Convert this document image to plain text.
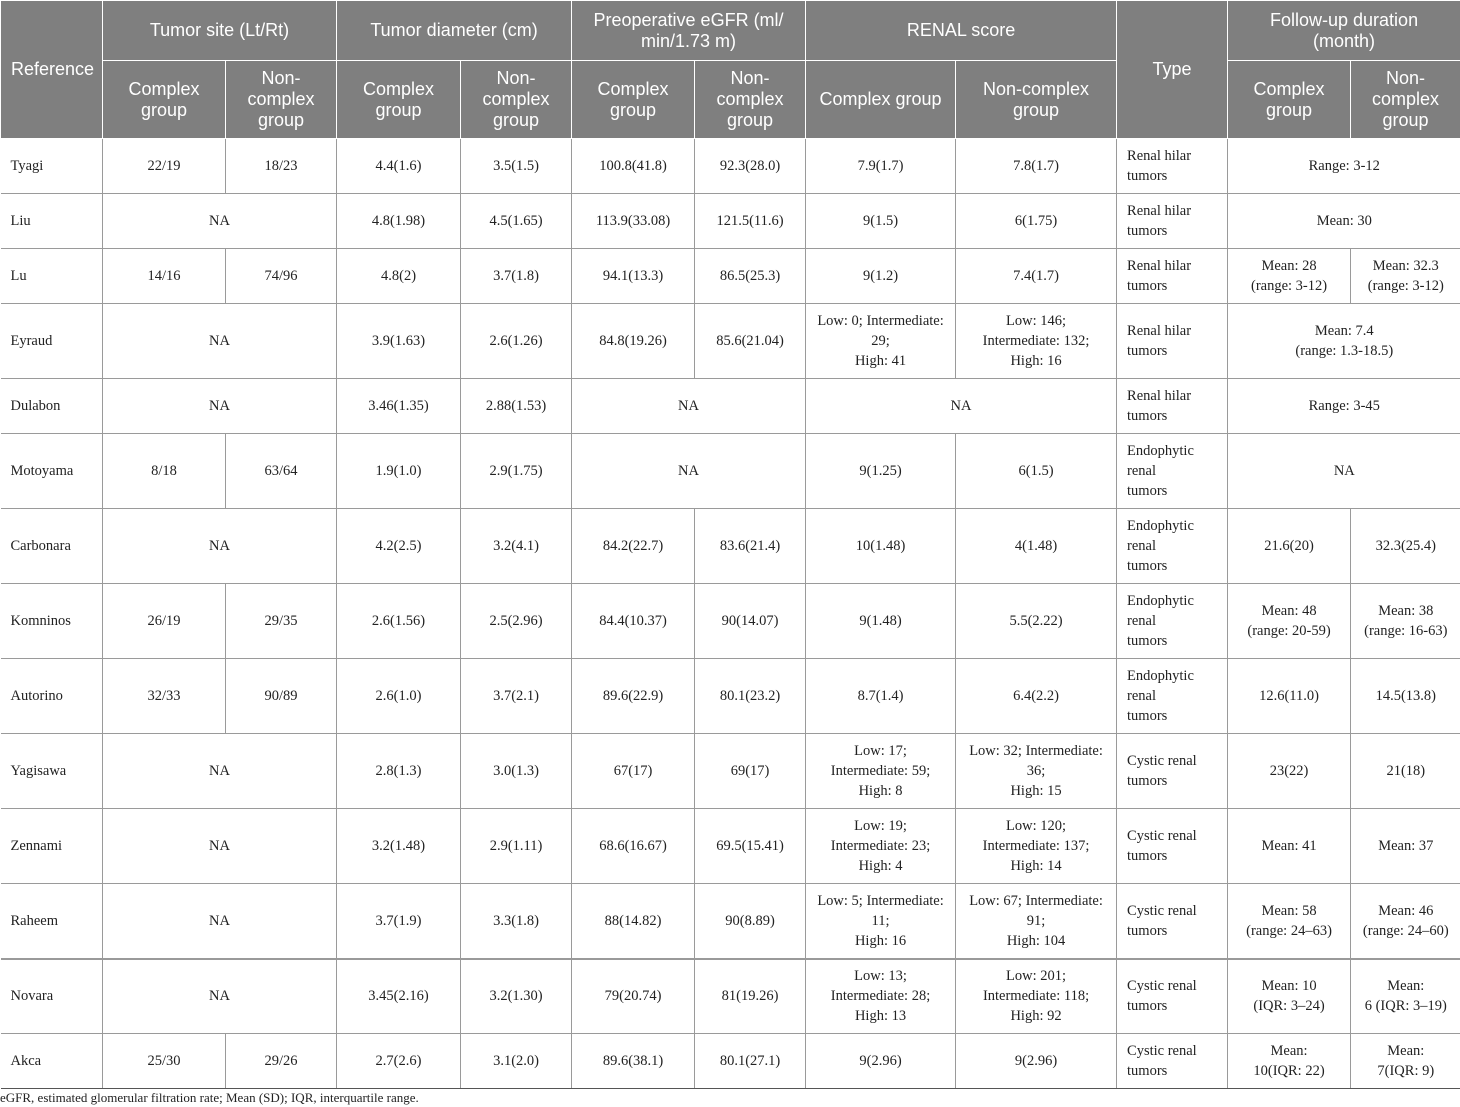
Reference	Tumor site (Lt/Rt)		Tumor diameter (cm)		Preoperative eGFR (ml/
min/1.73 m)		RENAL score		Type	Follow-up duration
(month)	
	Complex
group	Non-
complex
group	Complex
group	Non-
complex
group	Complex
group	Non-
complex
group	Complex group	Non-complex
group		Complex
group	Non-
complex
group
Tyagi	22/19	18/23	4.4(1.6)	3.5(1.5)	100.8(41.8)	92.3(28.0)	7.9(1.7)	7.8(1.7)	Renal hilar
tumors	Range: 3-12	
Liu	NA		4.8(1.98)	4.5(1.65)	113.9(33.08)	121.5(11.6)	9(1.5)	6(1.75)	Renal hilar
tumors	Mean: 30	
Lu	14/16	74/96	4.8(2)	3.7(1.8)	94.1(13.3)	86.5(25.3)	9(1.2)	7.4(1.7)	Renal hilar
tumors	Mean: 28
(range: 3-12)	Mean: 32.3
(range: 3-12)
Eyraud	NA		3.9(1.63)	2.6(1.26)	84.8(19.26)	85.6(21.04)	Low: 0; Intermediate:
29;
High: 41	Low: 146;
Intermediate: 132;
High: 16	Renal hilar
tumors	Mean: 7.4
(range: 1.3-18.5)	
Dulabon	NA		3.46(1.35)	2.88(1.53)	NA		NA		Renal hilar
tumors	Range: 3-45	
Motoyama	8/18	63/64	1.9(1.0)	2.9(1.75)	NA		9(1.25)	6(1.5)	Endophytic
renal
tumors	NA	
Carbonara	NA		4.2(2.5)	3.2(4.1)	84.2(22.7)	83.6(21.4)	10(1.48)	4(1.48)	Endophytic
renal
tumors	21.6(20)	32.3(25.4)
Komninos	26/19	29/35	2.6(1.56)	2.5(2.96)	84.4(10.37)	90(14.07)	9(1.48)	5.5(2.22)	Endophytic
renal
tumors	Mean: 48
(range: 20-59)	Mean: 38
(range: 16-63)
Autorino	32/33	90/89	2.6(1.0)	3.7(2.1)	89.6(22.9)	80.1(23.2)	8.7(1.4)	6.4(2.2)	Endophytic
renal
tumors	12.6(11.0)	14.5(13.8)
Yagisawa	NA		2.8(1.3)	3.0(1.3)	67(17)	69(17)	Low: 17;
Intermediate: 59;
High: 8	Low: 32; Intermediate:
36;
High: 15	Cystic renal
tumors	23(22)	21(18)
Zennami	NA		3.2(1.48)	2.9(1.11)	68.6(16.67)	69.5(15.41)	Low: 19;
Intermediate: 23;
High: 4	Low: 120;
Intermediate: 137;
High: 14	Cystic renal
tumors	Mean: 41	Mean: 37
Raheem	NA		3.7(1.9)	3.3(1.8)	88(14.82)	90(8.89)	Low: 5; Intermediate:
11;
High: 16	Low: 67; Intermediate:
91;
High: 104	Cystic renal
tumors	Mean: 58
(range: 24–63)	Mean: 46
(range: 24–60)
Novara	NA		3.45(2.16)	3.2(1.30)	79(20.74)	81(19.26)	Low: 13;
Intermediate: 28;
High: 13	Low: 201;
Intermediate: 118;
High: 92	Cystic renal
tumors	Mean: 10
(IQR: 3–24)	Mean:
6 (IQR: 3–19)
Akca	25/30	29/26	2.7(2.6)	3.1(2.0)	89.6(38.1)	80.1(27.1)	9(2.96)	9(2.96)	Cystic renal
tumors	Mean:
10(IQR: 22)	Mean:
7(IQR: 9)
eGFR, estimated glomerular filtration rate; Mean (SD); IQR, interquartile range.
